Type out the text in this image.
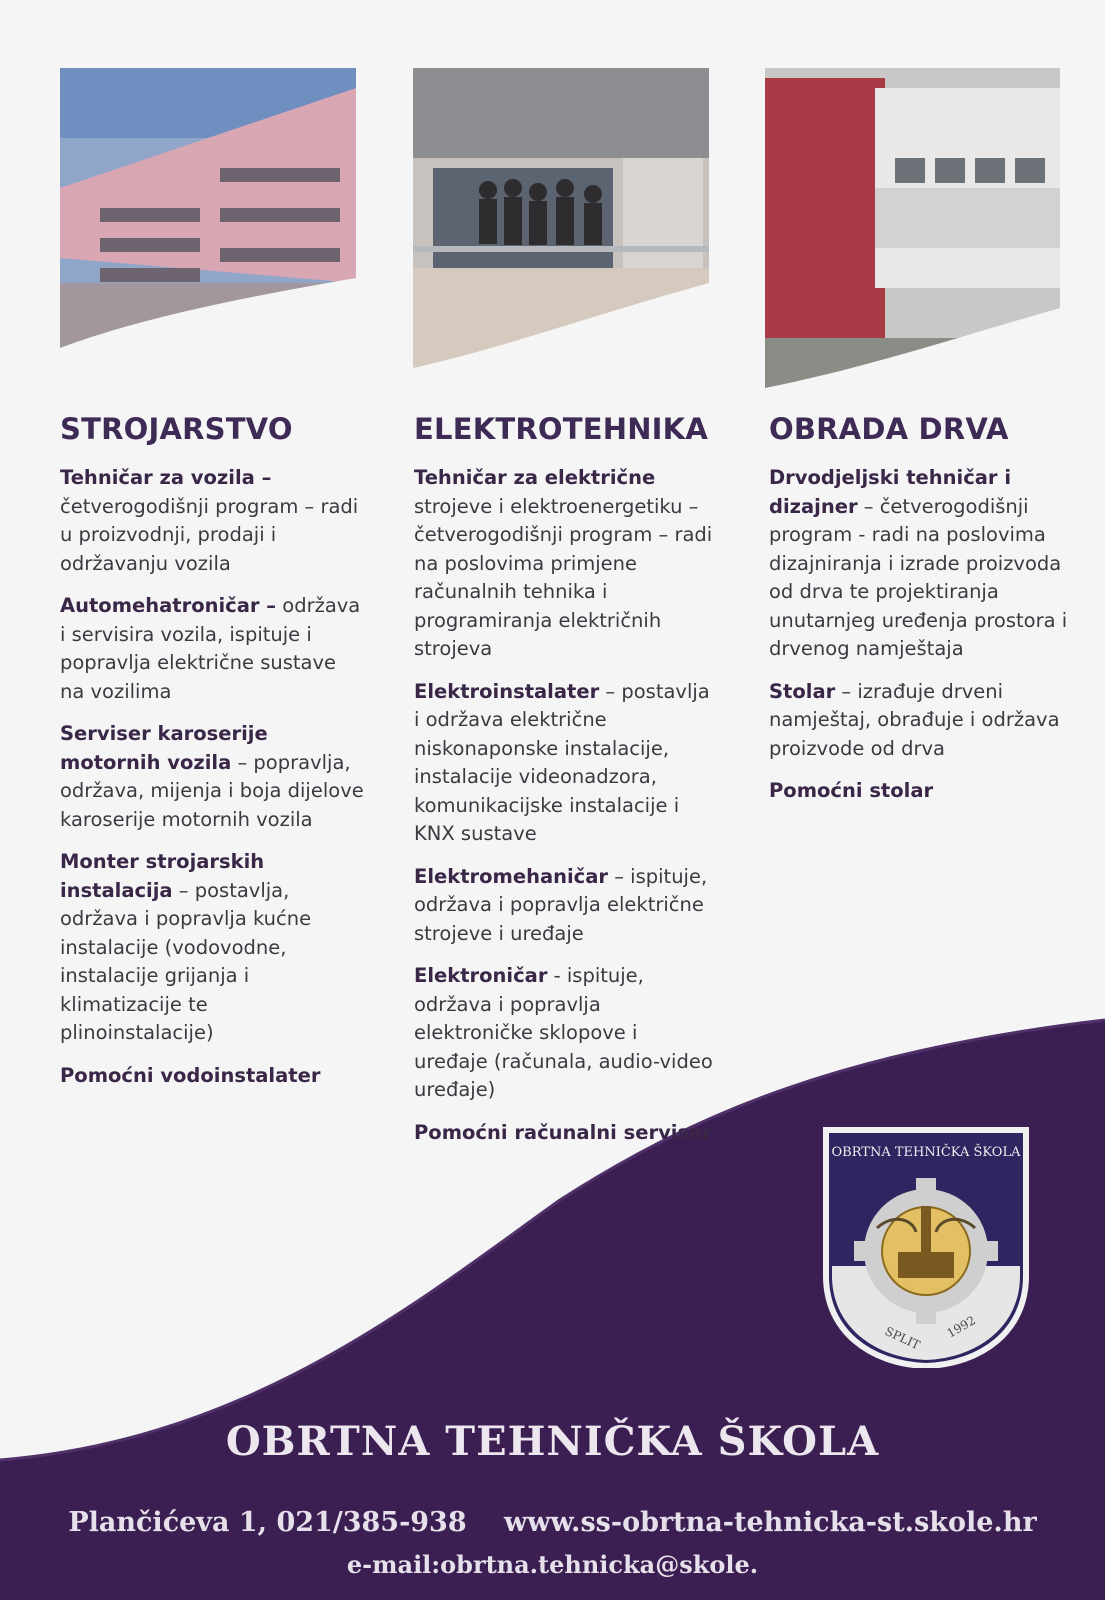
STROJARSTVO

Tehničar za vozila – četverogodišnji program – radi u proizvodnji, prodaji i održavanju vozila

Automehatroničar – održava i servisira vozila, ispituje i popravlja električne sustave na vozilima

Serviser karoserije motornih vozila – popravlja, održava, mijenja i boja dijelove karoserije motornih vozila

Monter strojarskih instalacija – postavlja, održava i popravlja kućne instalacije (vodovodne, instalacije grijanja i klimatizacije te plinoinstalacije)

Pomoćni vodoinstalater

ELEKTROTEHNIKA

Tehničar za električne strojeve i elektroenergetiku – četverogodišnji program – radi na poslovima primjene računalnih tehnika i programiranja električnih strojeva

Elektroinstalater – postavlja i održava električne niskonaponske instalacije, instalacije videonadzora, komunikacijske instalacije i KNX sustave

Elektromehaničar – ispituje, održava i popravlja električne strojeve i uređaje

Elektroničar - ispituje, održava i popravlja elektroničke sklopove i uređaje (računala, audio-video uređaje)

Pomoćni računalni serviser

OBRADA DRVA

Drvodjeljski tehničar i dizajner – četverogodišnji program - radi na poslovima dizajniranja i izrade proizvoda od drva te projektiranja unutarnjeg uređenja prostora i drvenog namještaja

Stolar – izrađuje drveni namještaj, obrađuje i održava proizvode od drva

Pomoćni stolar

OBRTNA TEHNIČKA ŠKOLA
SPLIT 1992
OBRTNA TEHNIČKA ŠKOLA
Plančićeva 1, 021/385-938 www.ss-obrtna-tehnicka-st.skole.hr
e-mail:obrtna.tehnicka@skole.
